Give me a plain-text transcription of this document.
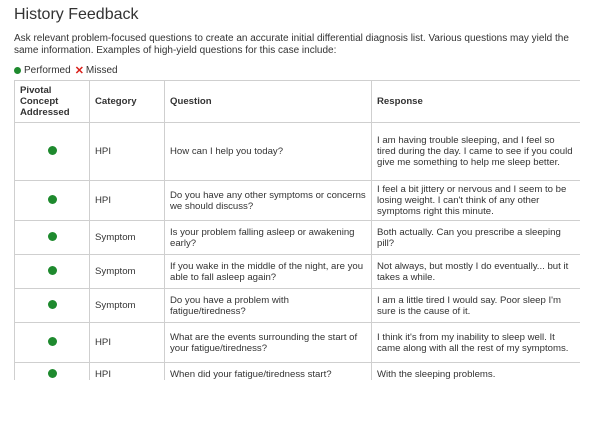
History Feedback

Ask relevant problem-focused questions to create an accurate initial differential diagnosis list. Various questions may yield the same information. Examples of high-yield questions for this case include:

Performed ✕ Missed
Pivotal Concept Addressed	Category	Question	Response
	HPI	How can I help you today?	I am having trouble sleeping, and I feel so tired during the day. I came to see if you could give me something to help me sleep better.
	HPI	Do you have any other symptoms or concerns we should discuss?	I feel a bit jittery or nervous and I seem to be losing weight. I can't think of any other symptoms right this minute.
	Symptom	Is your problem falling asleep or awakening early?	Both actually. Can you prescribe a sleeping pill?
	Symptom	If you wake in the middle of the night, are you able to fall asleep again?	Not always, but mostly I do eventually... but it takes a while.
	Symptom	Do you have a problem with fatigue/tiredness?	I am a little tired I would say. Poor sleep I'm sure is the cause of it.
	HPI	What are the events surrounding the start of your fatigue/tiredness?	I think it's from my inability to sleep well. It came along with all the rest of my symptoms.
	HPI	When did your fatigue/tiredness start?	With the sleeping problems.
